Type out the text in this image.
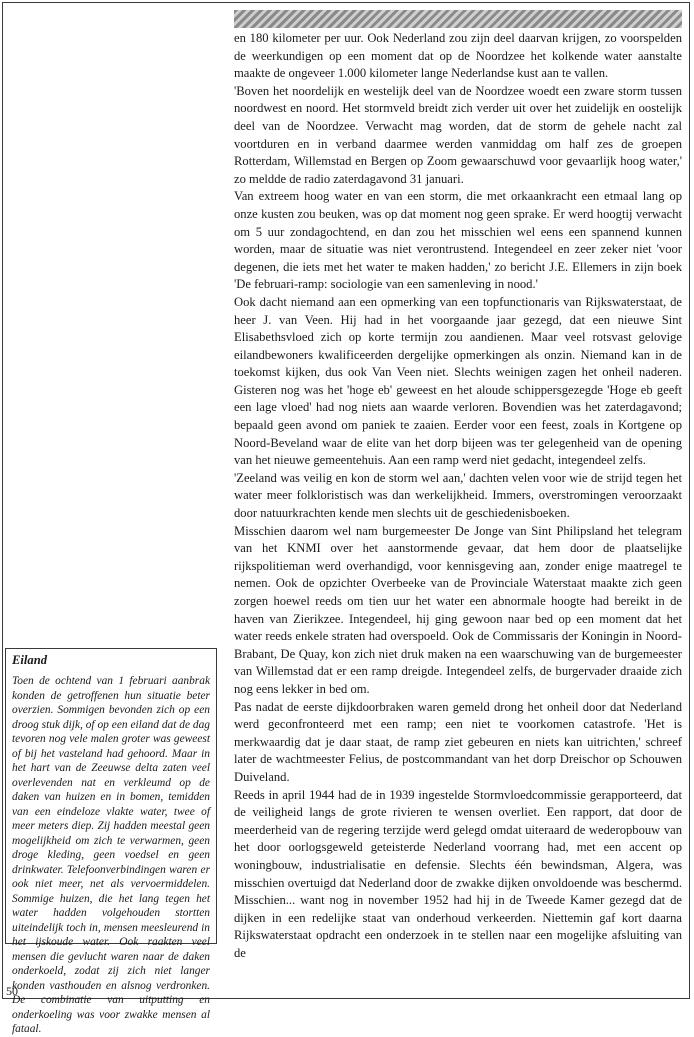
en 180 kilometer per uur. Ook Nederland zou zijn deel daarvan krijgen, zo voorspelden de weerkundigen op een moment dat op de Noordzee het kolkende water aanstalte maakte de ongeveer 1.000 kilometer lange Nederlandse kust aan te vallen.

'Boven het noordelijk en westelijk deel van de Noordzee woedt een zware storm tussen noordwest en noord. Het stormveld breidt zich verder uit over het zuidelijk en oostelijk deel van de Noordzee. Verwacht mag worden, dat de storm de gehele nacht zal voortduren en in verband daarmee werden vanmiddag om half zes de groepen Rotterdam, Willemstad en Bergen op Zoom gewaarschuwd voor gevaarlijk hoog water,' zo meldde de radio zaterdagavond 31 januari.

Van extreem hoog water en van een storm, die met orkaankracht een etmaal lang op onze kusten zou beuken, was op dat moment nog geen sprake. Er werd hoogtij verwacht om 5 uur zondagochtend, en dan zou het misschien wel eens een spannend kunnen worden, maar de situatie was niet verontrustend. Integendeel en zeer zeker niet 'voor degenen, die iets met het water te maken hadden,' zo bericht J.E. Ellemers in zijn boek 'De februari-ramp: sociologie van een samenleving in nood.'

Ook dacht niemand aan een opmerking van een topfunctionaris van Rijkswaterstaat, de heer J. van Veen. Hij had in het voorgaande jaar gezegd, dat een nieuwe Sint Elisabethsvloed zich op korte termijn zou aandienen. Maar veel rotsvast gelovige eilandbewoners kwalificeerden dergelijke opmerkingen als onzin. Niemand kan in de toekomst kijken, dus ook Van Veen niet. Slechts weinigen zagen het onheil naderen. Gisteren nog was het 'hoge eb' geweest en het aloude schippersgezegde 'Hoge eb geeft een lage vloed' had nog niets aan waarde verloren. Bovendien was het zaterdagavond; bepaald geen avond om paniek te zaaien. Eerder voor een feest, zoals in Kortgene op Noord-Beveland waar de elite van het dorp bijeen was ter gelegenheid van de opening van het nieuwe gemeentehuis. Aan een ramp werd niet gedacht, integendeel zelfs.

'Zeeland was veilig en kon de storm wel aan,' dachten velen voor wie de strijd tegen het water meer folkloristisch was dan werkelijkheid. Immers, overstromingen veroorzaakt door natuurkrachten kende men slechts uit de geschiedenisboeken.

Misschien daarom wel nam burgemeester De Jonge van Sint Philipsland het telegram van het KNMI over het aanstormende gevaar, dat hem door de plaatselijke rijkspolitieman werd overhandigd, voor kennisgeving aan, zonder enige maatregel te nemen. Ook de opzichter Overbeeke van de Provinciale Waterstaat maakte zich geen zorgen hoewel reeds om tien uur het water een abnormale hoogte had bereikt in de haven van Zierikzee. Integendeel, hij ging gewoon naar bed op een moment dat het water reeds enkele straten had overspoeld. Ook de Commissaris der Koningin in Noord-Brabant, De Quay, kon zich niet druk maken na een waarschuwing van de burgemeester van Willemstad dat er een ramp dreigde. Integendeel zelfs, de burgervader draaide zich nog eens lekker in bed om.

Pas nadat de eerste dijkdoorbraken waren gemeld drong het onheil door dat Nederland werd geconfronteerd met een ramp; een niet te voorkomen catastrofe. 'Het is merkwaardig dat je daar staat, de ramp ziet gebeuren en niets kan uitrichten,' schreef later de wachtmeester Felius, de postcommandant van het dorp Dreischor op Schouwen Duiveland.

Reeds in april 1944 had de in 1939 ingestelde Stormvloedcommissie gerapporteerd, dat de veiligheid langs de grote rivieren te wensen overliet. Een rapport, dat door de meerderheid van de regering terzijde werd gelegd omdat uiteraard de wederopbouw van het door oorlogsgeweld geteisterde Nederland voorrang had, met een accent op woningbouw, industrialisatie en defensie. Slechts één bewindsman, Algera, was misschien overtuigd dat Nederland door de zwakke dijken onvoldoende was beschermd. Misschien... want nog in november 1952 had hij in de Tweede Kamer gezegd dat de dijken in een redelijke staat van onderhoud verkeerden. Niettemin gaf kort daarna Rijkswaterstaat opdracht een onderzoek in te stellen naar een mogelijke afsluiting van de

Eiland

Toen de ochtend van 1 februari aanbrak konden de getroffenen hun situatie beter overzien. Sommigen bevonden zich op een droog stuk dijk, of op een eiland dat de dag tevoren nog vele malen groter was geweest of bij het vasteland had gehoord. Maar in het hart van de Zeeuwse delta zaten veel overlevenden nat en verkleumd op de daken van huizen en in bomen, temidden van een eindeloze vlakte water, twee of meer meters diep. Zij hadden meestal geen mogelijkheid om zich te verwarmen, geen droge kleding, geen voedsel en geen drinkwater. Telefoonverbindingen waren er ook niet meer, net als vervoermiddelen. Sommige huizen, die het lang tegen het water hadden volgehouden stortten uiteindelijk toch in, mensen meesleurend in het ijskoude water. Ook raakten veel mensen die gevlucht waren naar de daken onderkoeld, zodat zij zich niet langer konden vasthouden en alsnog verdronken. De combinatie van uitputting en onderkoeling was voor zwakke mensen al fataal.

50
